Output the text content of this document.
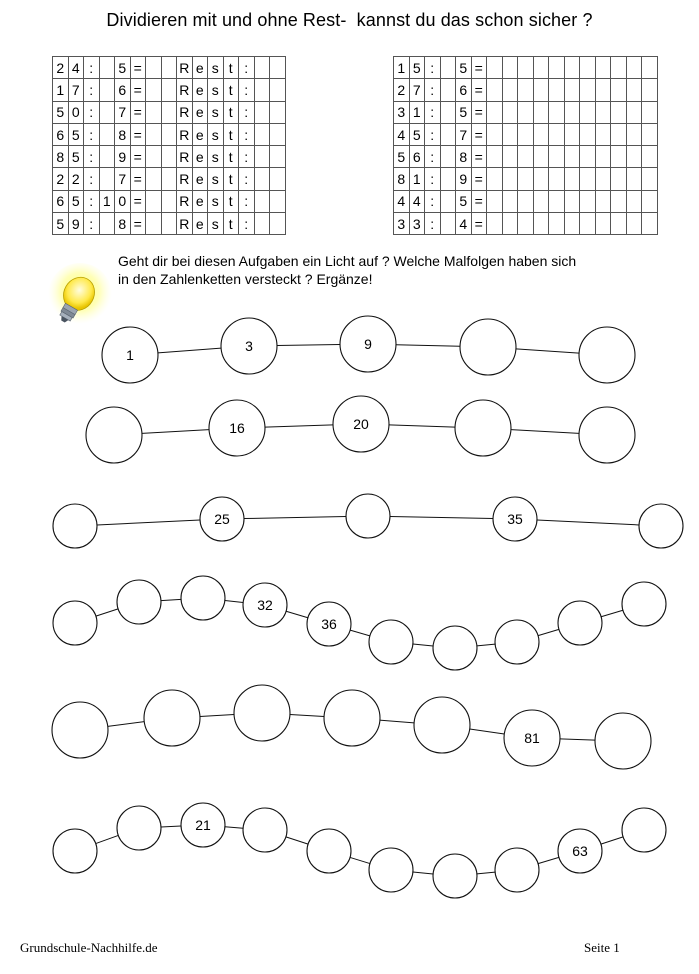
Dividieren mit und ohne Rest-  kannst du das schon sicher ?
2	4	:		5	=			R	e	s	t	:		
1	7	:		6	=			R	e	s	t	:		
5	0	:		7	=			R	e	s	t	:		
6	5	:		8	=			R	e	s	t	:		
8	5	:		9	=			R	e	s	t	:		
2	2	:		7	=			R	e	s	t	:		
6	5	:	1	0	=			R	e	s	t	:		
5	9	:		8	=			R	e	s	t	:		
1	5	:		5	=											
2	7	:		6	=											
3	1	:		5	=											
4	5	:		7	=											
5	6	:		8	=											
8	1	:		9	=											
4	4	:		5	=											
3	3	:		4	=											
Geht dir bei diesen Aufgaben ein Licht auf ? Welche Malfolgen haben sich
in den Zahlenketten versteckt ? Ergänze!
1
3	9
16	20
25	35
32
36
81
21
63
Grundschule-Nachhilfe.de	Seite 1
